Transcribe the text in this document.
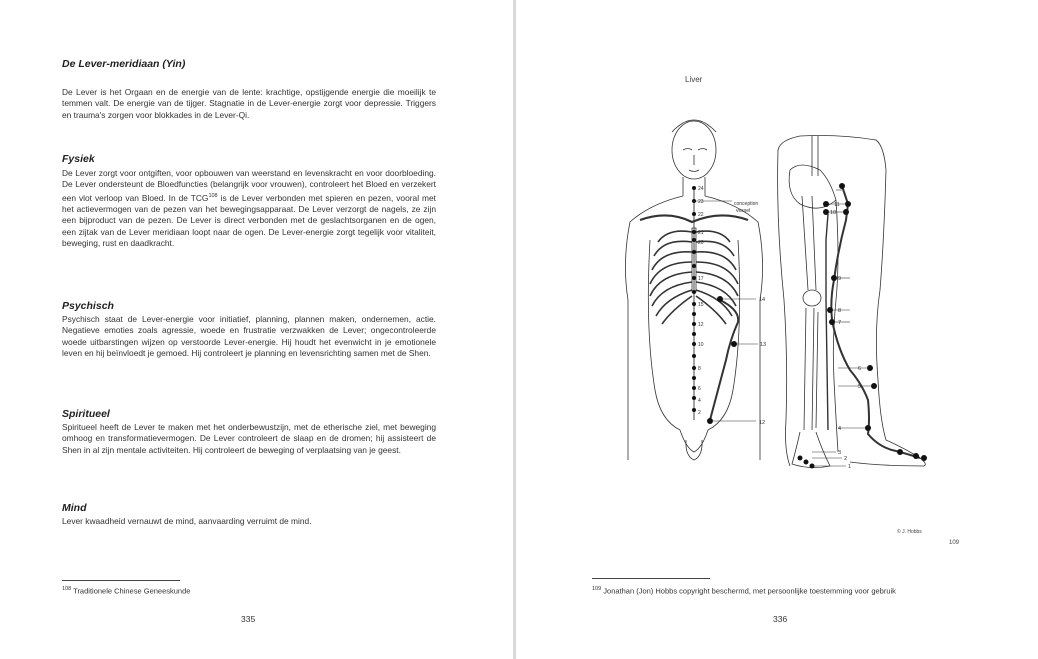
De Lever-meridiaan (Yin)
De Lever is het Orgaan en de energie van de lente: krachtige, opstijgende energie die moeilijk te temmen valt. De energie van de tijger. Stagnatie in de Lever-energie zorgt voor depressie. Triggers en trauma's zorgen voor blokkades in de Lever-Qi.
Fysiek
De Lever zorgt voor ontgiften, voor opbouwen van weerstand en levenskracht en voor doorbloeding. De Lever ondersteunt de Bloedfuncties (belangrijk voor vrouwen), controleert het Bloed en verzekert een vlot verloop van Bloed. In de TCG$^{108}$ is de Lever verbonden met spieren en pezen, vooral met het actievermogen van de pezen van het bewegingsapparaat. De Lever verzorgt de nagels, ze zijn een bijproduct van de pezen. De Lever is direct verbonden met de geslachtsorganen en de ogen, een zijtak van de Lever meridiaan loopt naar de ogen. De Lever-energie zorgt tegelijk voor vitaliteit, beweging, rust en daadkracht.
Psychisch
Psychisch staat de Lever-energie voor initiatief, planning, plannen maken, ondernemen, actie. Negatieve emoties zoals agressie, woede en frustratie verzwakken de Lever; ongecontroleerde woede uitbarstingen wijzen op verstoorde Lever-energie. Hij houdt het evenwicht in je emotionele leven en hij beïnvloedt je gemoed. Hij controleert je planning en levensrichting samen met de Shen.
Spiritueel
Spiritueel heeft de Lever te maken met het onderbewustzijn, met de etherische ziel, met beweging omhoog en transformatievermogen. De Lever controleert de slaap en de dromen; hij assisteert de Shen in al zijn mentale activiteiten. Hij controleert de beweging of verplaatsing van je geest.
Mind
Lever kwaadheid vernauwt de mind, aanvaarding verruimt de mind.
$^{108}$ Traditionele Chinese Geneeskunde
335
Liver
24
23
22
21
20
17
15
12
10
8
6
4
2
conception
vessel
14
13
12
11
10
9
8
7
6
5
4
3
2
1
© J. Hobbs
109
$^{109}$ Jonathan (Jon) Hobbs copyright beschermd, met persoonlijke toestemming voor gebruik
336
